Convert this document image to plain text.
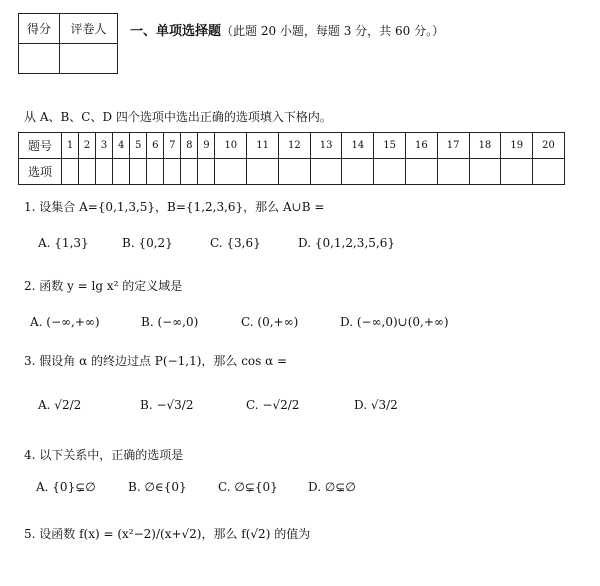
得分	评卷人
	一、单项选择题（此题 20 小题，每题 3 分，共 60 分。）
从 A、B、C、D 四个选项中选出正确的选项填入下格内。
题号	1	2	3	4	5	6	7	8	9	10	11	12	13	14	15	16	17	18	19	20
选项																				
1. 设集合 A={0,1,3,5}，B={1,2,3,6}，那么 A∪B =
A. {1,3}	B. {0,2}	C. {3,6}	D. {0,1,2,3,5,6}
2. 函数 y = lg x² 的定义域是
A. (−∞,+∞)	B. (−∞,0)	C. (0,+∞)	D. (−∞,0)∪(0,+∞)
3. 假设角 α 的终边过点 P(−1,1)，那么 cos α =
A. √2/2	B. −√3/2	C. −√2/2	D. √3/2
4. 以下关系中，正确的选项是
A. {0}⊊∅	B. ∅∈{0}	C. ∅⊊{0}	D. ∅⊊∅
5. 设函数 f(x) = (x²−2)/(x+√2)，那么 f(√2) 的值为
